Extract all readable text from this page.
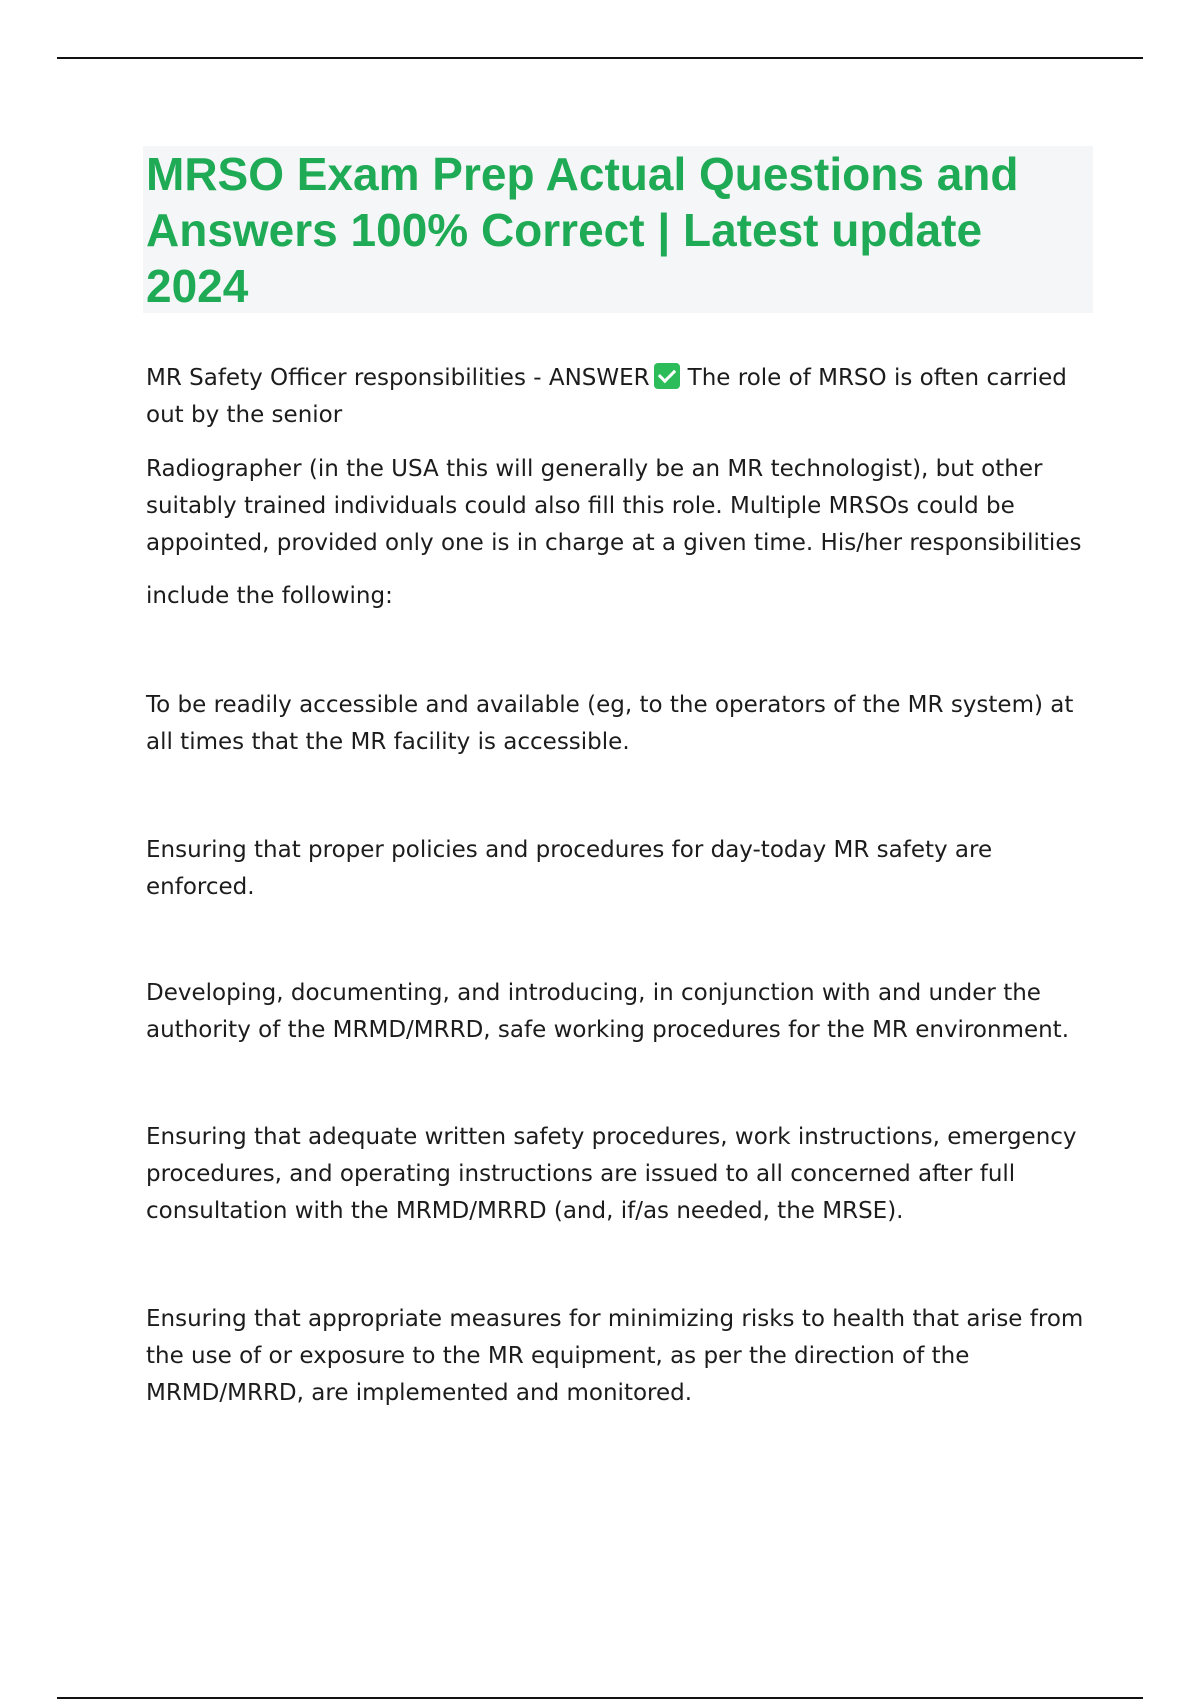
MRSO Exam Prep Actual Questions and Answers 100% Correct | Latest update 2024

MR Safety Officer responsibilities - ANSWER The role of MRSO is often carried out by the senior

Radiographer (in the USA this will generally be an MR technologist), but other suitably trained individuals could also fill this role. Multiple MRSOs could be appointed, provided only one is in charge at a given time. His/her responsibilities

include the following:

To be readily accessible and available (eg, to the operators of the MR system) at all times that the MR facility is accessible.

Ensuring that proper policies and procedures for day-today MR safety are enforced.

Developing, documenting, and introducing, in conjunction with and under the authority of the MRMD/MRRD, safe working procedures for the MR environment.

Ensuring that adequate written safety procedures, work instructions, emergency procedures, and operating instructions are issued to all concerned after full consultation with the MRMD/MRRD (and, if/as needed, the MRSE).

Ensuring that appropriate measures for minimizing risks to health that arise from the use of or exposure to the MR equipment, as per the direction of the MRMD/MRRD, are implemented and monitored.
